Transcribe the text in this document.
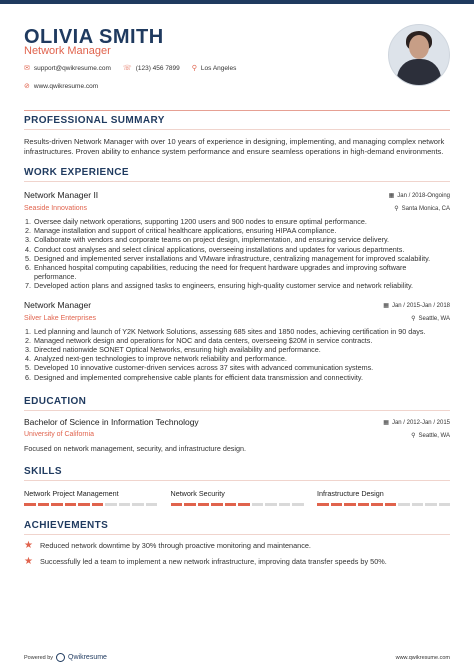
OLIVIA SMITH
Network Manager
✉ support@qwikresume.com ☏ (123) 456 7899 ⚲ Los Angeles
⊘ www.qwikresume.com
PROFESSIONAL SUMMARY
Results-driven Network Manager with over 10 years of experience in designing, implementing, and managing complex network infrastructures. Proven ability to enhance system performance and ensure seamless operations in high-demand environments.
WORK EXPERIENCE
Network Manager II
Seaside Innovations
▦ Jan / 2018-Ongoing
⚲ Santa Monica, CA
1. Oversee daily network operations, supporting 1200 users and 900 nodes to ensure optimal performance.
2. Manage installation and support of critical healthcare applications, ensuring HIPAA compliance.
3. Collaborate with vendors and corporate teams on project design, implementation, and ensuring service delivery.
4. Conduct cost analyses and select clinical applications, overseeing installations and updates for various departments.
5. Designed and implemented server installations and VMware infrastructure, centralizing management for improved scalability.
6. Enhanced hospital computing capabilities, reducing the need for frequent hardware upgrades and improving software performance.
7. Developed action plans and assigned tasks to engineers, ensuring high-quality customer service and network reliability.
Network Manager
Silver Lake Enterprises
▦ Jan / 2015-Jan / 2018
⚲ Seattle, WA
1. Led planning and launch of Y2K Network Solutions, assessing 685 sites and 1850 nodes, achieving certification in 90 days.
2. Managed network design and operations for NOC and data centers, overseeing $20M in service contracts.
3. Directed nationwide SONET Optical Networks, ensuring high availability and performance.
4. Analyzed next-gen technologies to improve network reliability and performance.
5. Developed 10 innovative customer-driven services across 37 sites with advanced communication systems.
6. Designed and implemented comprehensive cable plants for efficient data transmission and connectivity.
EDUCATION
Bachelor of Science in Information Technology
University of California
▦ Jan / 2012-Jan / 2015
⚲ Seattle, WA
Focused on network management, security, and infrastructure design.
SKILLS
Network Project Management	Network Security	Infrastructure Design
ACHIEVEMENTS
★ Reduced network downtime by 30% through proactive monitoring and maintenance.
★ Successfully led a team to implement a new network infrastructure, improving data transfer speeds by 50%.
Powered by Qwikresume	www.qwikresume.com
